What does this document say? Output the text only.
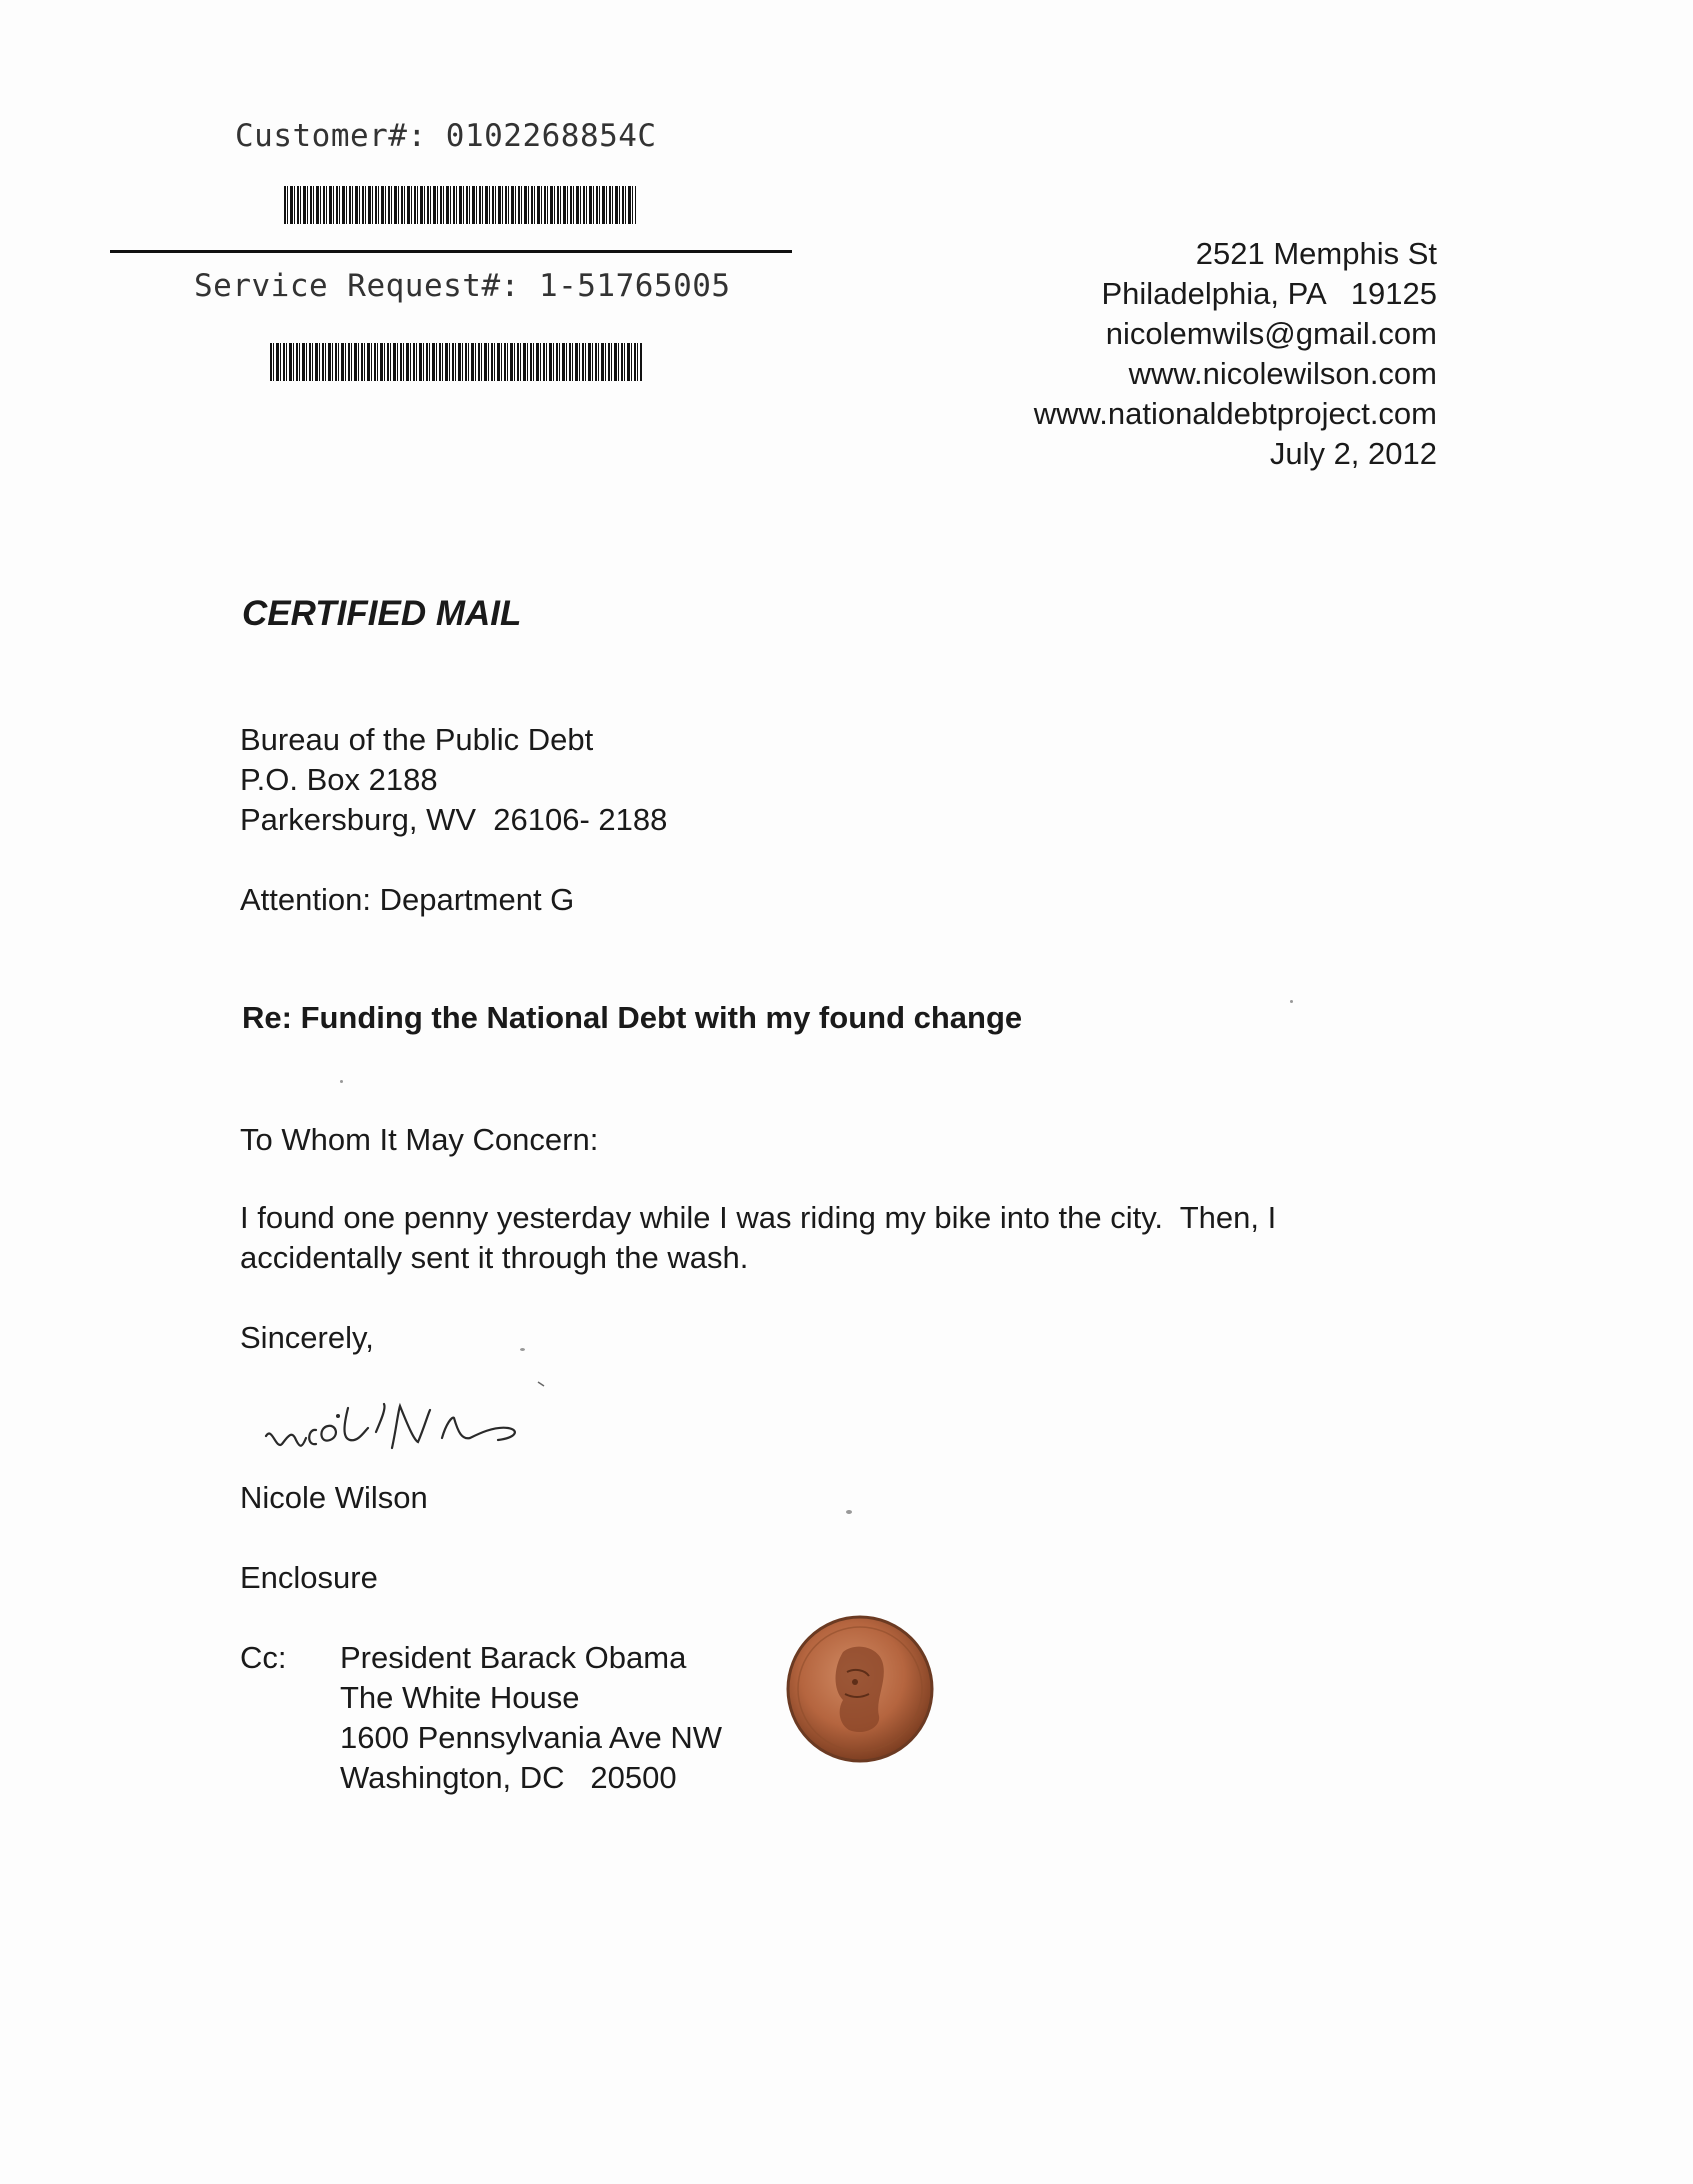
Customer#: 0102268854C
Service Request#: 1-51765005
2521 Memphis St
Philadelphia, PA   19125
nicolemwils@gmail.com
www.nicolewilson.com
www.nationaldebtproject.com
July 2, 2012
CERTIFIED MAIL
Bureau of the Public Debt
P.O. Box 2188
Parkersburg, WV  26106- 2188
Attention: Department G
Re: Funding the National Debt with my found change
To Whom It May Concern:
I found one penny yesterday while I was riding my bike into the city.  Then, I
accidentally sent it through the wash.
Sincerely,
Nicole Wilson
Enclosure
Cc: President Barack Obama
The White House
1600 Pennsylvania Ave NW
Washington, DC   20500
